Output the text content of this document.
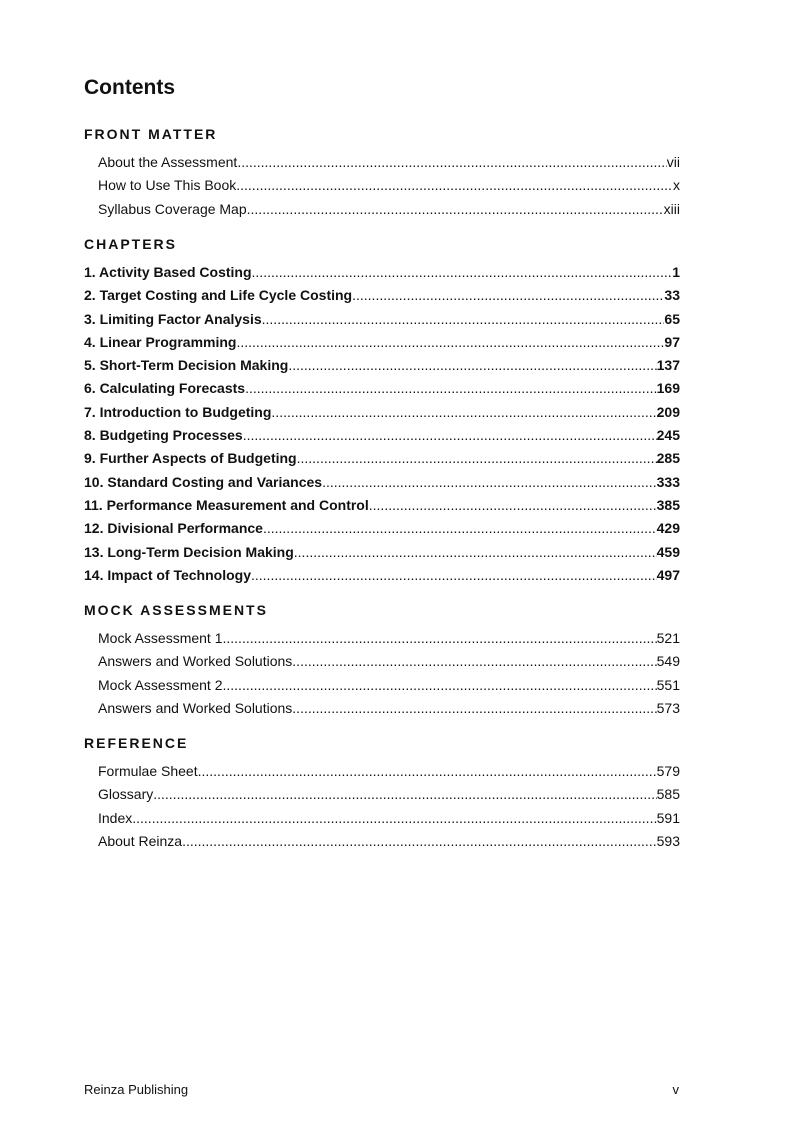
Contents
FRONT MATTER
About the Assessment .....	vii
How to Use This Book .....	x
Syllabus Coverage Map .....	xiii
CHAPTERS
1. Activity Based Costing .....	1
2. Target Costing and Life Cycle Costing .....	33
3. Limiting Factor Analysis .....	65
4. Linear Programming .....	97
5. Short-Term Decision Making .....	137
6. Calculating Forecasts .....	169
7. Introduction to Budgeting .....	209
8. Budgeting Processes .....	245
9. Further Aspects of Budgeting .....	285
10. Standard Costing and Variances .....	333
11. Performance Measurement and Control .....	385
12. Divisional Performance .....	429
13. Long-Term Decision Making .....	459
14. Impact of Technology .....	497
MOCK ASSESSMENTS
Mock Assessment 1 .....	521
Answers and Worked Solutions .....	549
Mock Assessment 2 .....	551
Answers and Worked Solutions .....	573
REFERENCE
Formulae Sheet .....	579
Glossary .....	585
Index .....	591
About Reinza .....	593
Reinza Publishing	v
